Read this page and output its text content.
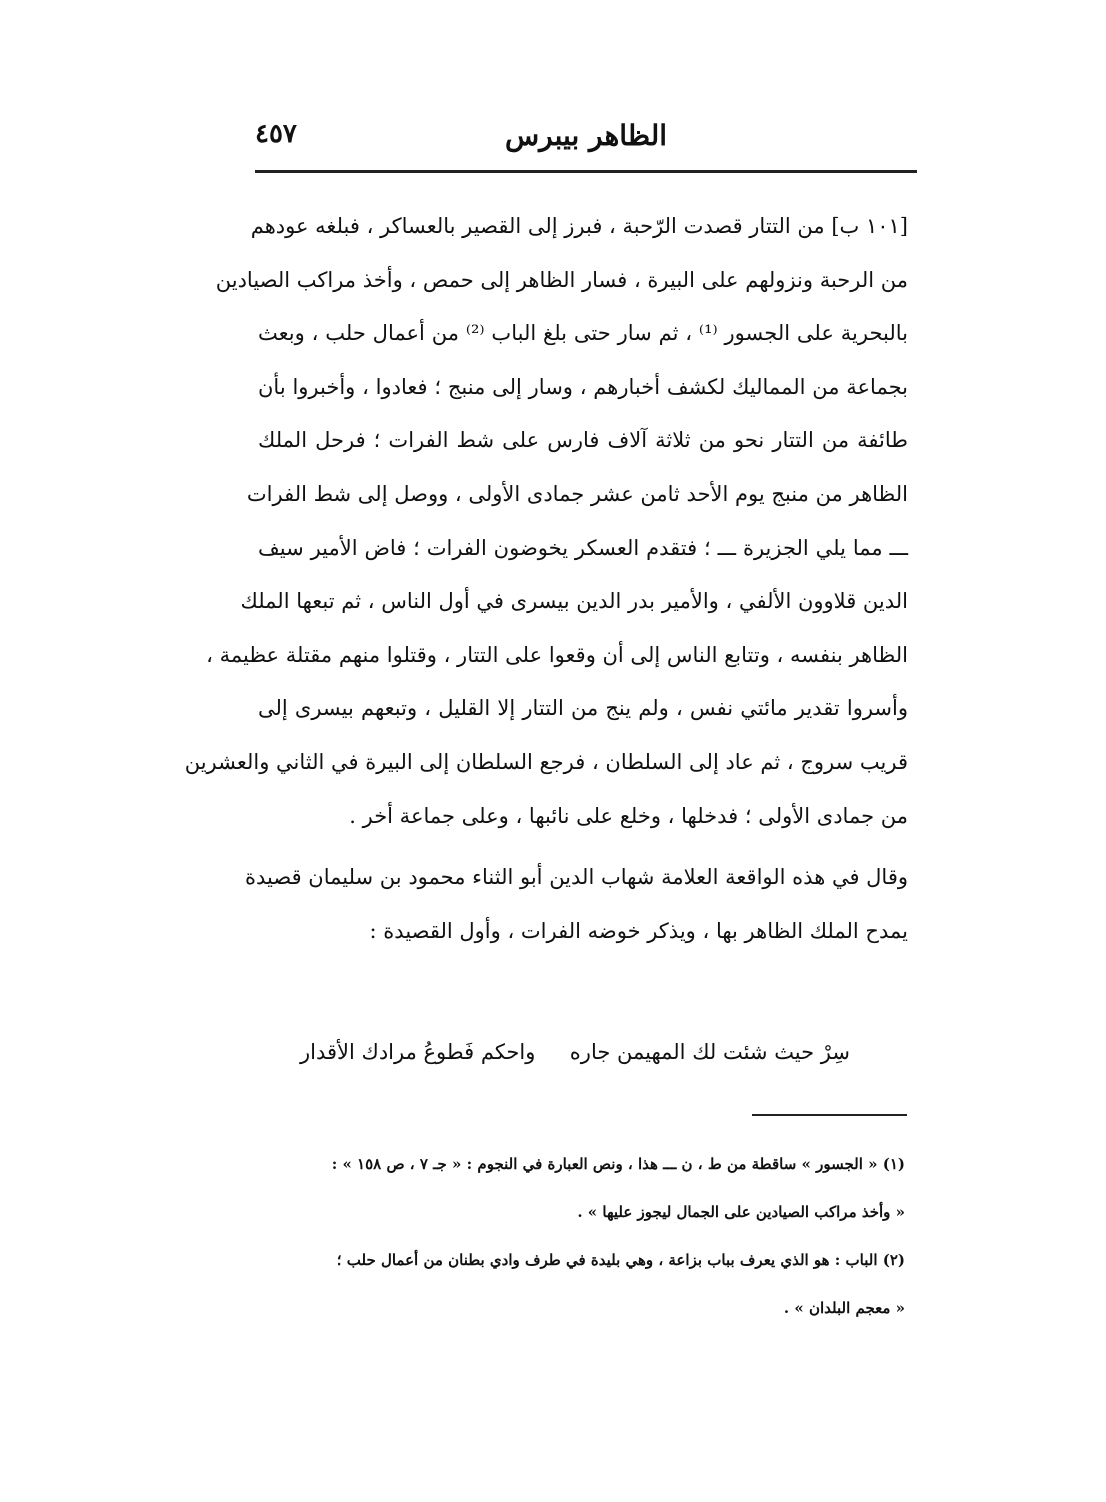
٤٥٧	الظاهر بيبرس
[١٠١ ب] من التتار قصدت الرّحبة ، فبرز إلى القصير بالعساكر ، فبلغه عودهم
من الرحبة ونزولهم على البيرة ، فسار الظاهر إلى حمص ، وأخذ مراكب الصيادين
بالبحرية على الجسور ⁽¹⁾ ، ثم سار حتى بلغ الباب ⁽²⁾ من أعمال حلب ، وبعث
بجماعة من المماليك لكشف أخبارهم ، وسار إلى منبج ؛ فعادوا ، وأخبروا بأن
طائفة من التتار نحو من ثلاثة آلاف فارس على شط الفرات ؛ فرحل الملك
الظاهر من منبج يوم الأحد ثامن عشر جمادى الأولى ، ووصل إلى شط الفرات
ـــ مما يلي الجزيرة ـــ ؛ فتقدم العسكر يخوضون الفرات ؛ فاض الأمير سيف
الدين قلاوون الألفي ، والأمير بدر الدين بيسرى في أول الناس ، ثم تبعها الملك
الظاهر بنفسه ، وتتابع الناس إلى أن وقعوا على التتار ، وقتلوا منهم مقتلة عظيمة ،
وأسروا تقدير مائتي نفس ، ولم ينج من التتار إلا القليل ، وتبعهم بيسرى إلى
قريب سروج ، ثم عاد إلى السلطان ، فرجع السلطان إلى البيرة في الثاني والعشرين
من جمادى الأولى ؛ فدخلها ، وخلع على نائبها ، وعلى جماعة أخر .
وقال في هذه الواقعة العلامة شهاب الدين أبو الثناء محمود بن سليمان قصيدة
يمدح الملك الظاهر بها ، ويذكر خوضه الفرات ، وأول القصيدة :
سِرْ حيث شئت لك المهيمن جاره
واحكم فَطوعُ مرادك الأقدار
(١) « الجسور » ساقطة من ط ، ن ـــ هذا ، ونص العبارة في النجوم : « جـ ٧ ، ص ١٥٨ » :
« وأخذ مراكب الصيادين على الجمال ليجوز عليها » .
(٢) الباب : هو الذي يعرف بباب بزاعة ، وهي بليدة في طرف وادي بطنان من أعمال حلب ؛
« معجم البلدان » .
